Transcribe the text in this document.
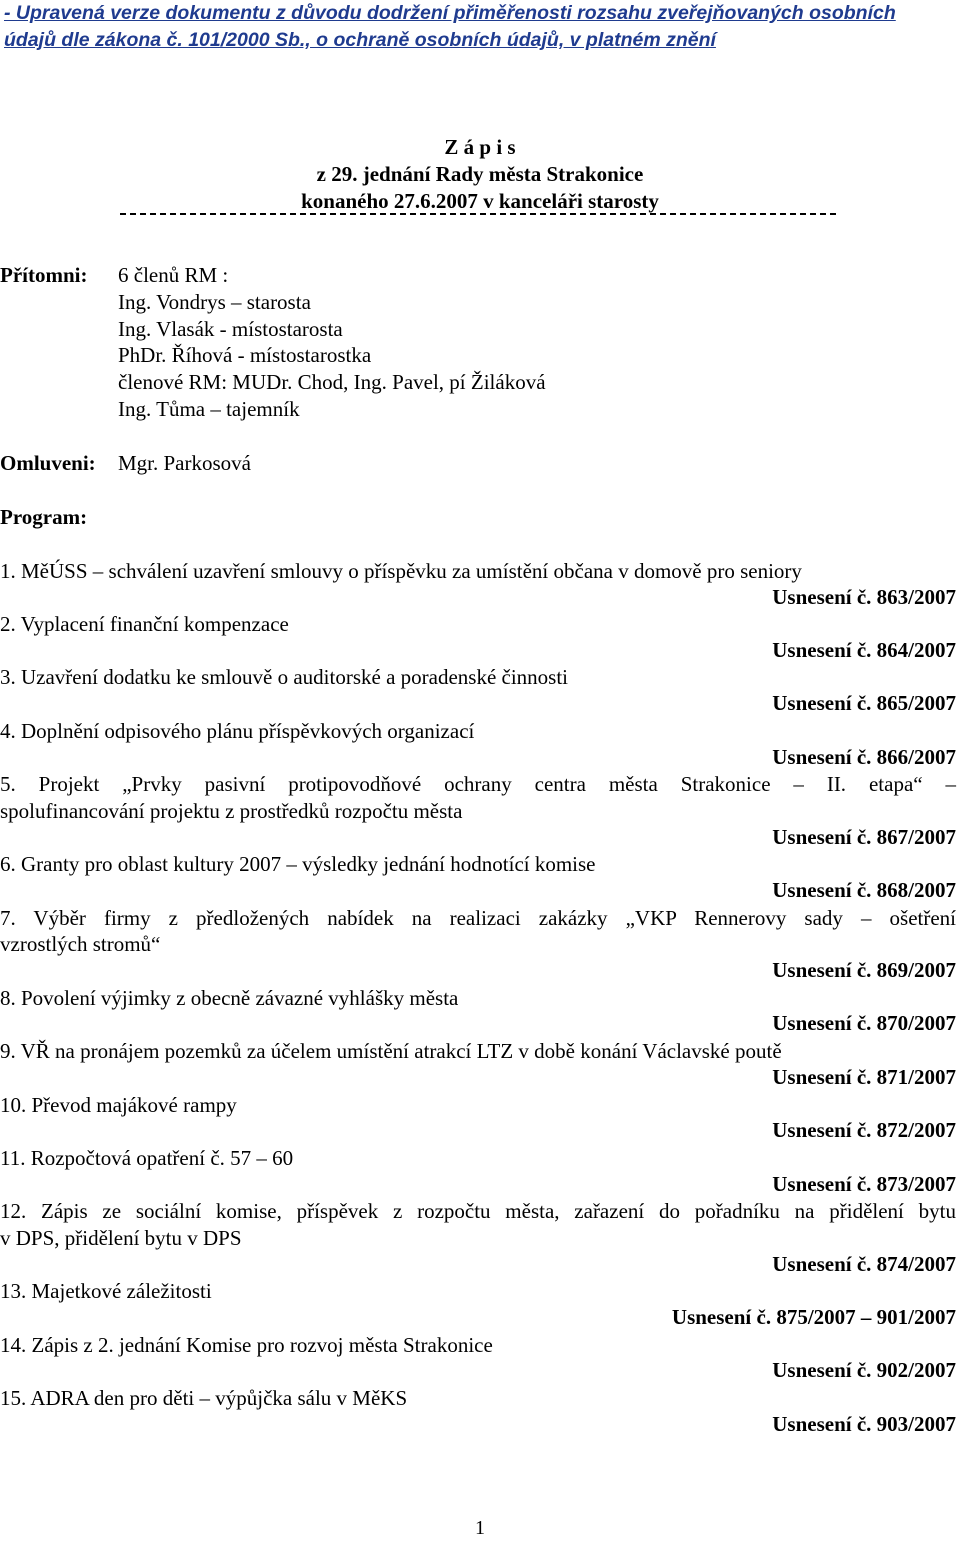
- Upravená verze dokumentu z důvodu dodržení přiměřenosti rozsahu zveřejňovaných osobních
údajů dle zákona č. 101/2000 Sb., o ochraně osobních údajů, v platném znění
Z á p i s
z 29. jednání Rady města Strakonice
konaného 27.6.2007 v kanceláři starosty
Přítomni: 6 členů RM :
Ing. Vondrys – starosta
Ing. Vlasák - místostarosta
PhDr. Říhová - místostarostka
členové RM: MUDr. Chod, Ing. Pavel, pí Žiláková
Ing. Tůma – tajemník
Omluveni: Mgr. Parkosová
Program:
1. MěÚSS – schválení uzavření smlouvy o příspěvku za umístění občana v domově pro seniory
Usnesení č. 863/2007
2. Vyplacení finanční kompenzace
Usnesení č. 864/2007
3. Uzavření dodatku ke smlouvě o auditorské a poradenské činnosti
Usnesení č. 865/2007
4. Doplnění odpisového plánu příspěvkových organizací
Usnesení č. 866/2007
5. Projekt „Prvky pasivní protipovodňové ochrany centra města Strakonice – II. etapa“ –
spolufinancování projektu z prostředků rozpočtu města
Usnesení č. 867/2007
6. Granty pro oblast kultury 2007 – výsledky jednání hodnotící komise
Usnesení č. 868/2007
7. Výběr firmy z předložených nabídek na realizaci zakázky „VKP Rennerovy sady – ošetření
vzrostlých stromů“
Usnesení č. 869/2007
8. Povolení výjimky z obecně závazné vyhlášky města
Usnesení č. 870/2007
9. VŘ na pronájem pozemků za účelem umístění atrakcí LTZ v době konání Václavské poutě
Usnesení č. 871/2007
10. Převod majákové rampy
Usnesení č. 872/2007
11. Rozpočtová opatření č. 57 – 60
Usnesení č. 873/2007
12. Zápis ze sociální komise, příspěvek z rozpočtu města, zařazení do pořadníku na přidělení bytu
v DPS, přidělení bytu v DPS
Usnesení č. 874/2007
13. Majetkové záležitosti
Usnesení č. 875/2007 – 901/2007
14. Zápis z 2. jednání Komise pro rozvoj města Strakonice
Usnesení č. 902/2007
15. ADRA den pro děti – výpůjčka sálu v MěKS
Usnesení č. 903/2007
1
